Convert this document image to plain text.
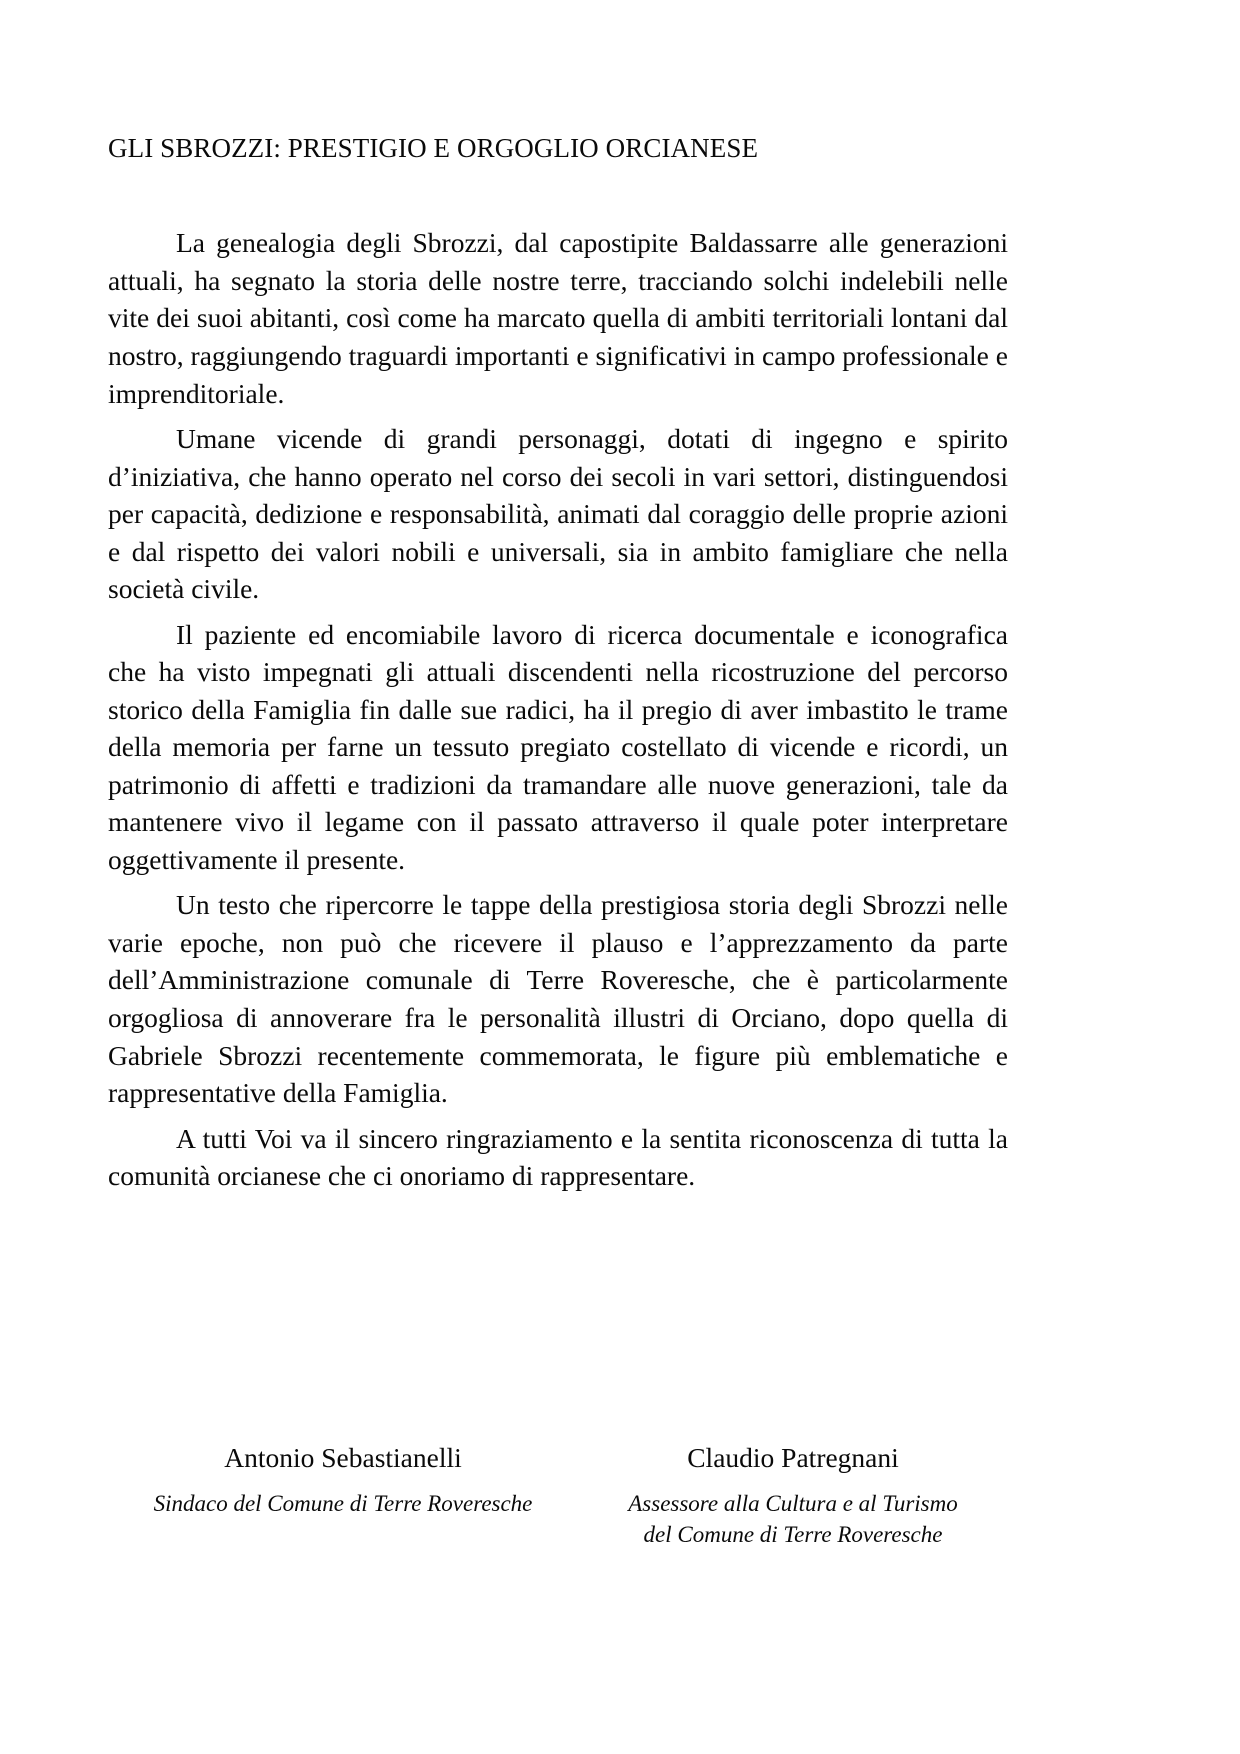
GLI SBROZZI: PRESTIGIO E ORGOGLIO ORCIANESE

La genealogia degli Sbrozzi, dal capostipite Baldassarre alle generazioni attuali, ha segnato la storia delle nostre terre, tracciando solchi indelebili nelle vite dei suoi abitanti, così come ha marcato quella di ambiti territoriali lontani dal nostro, raggiungendo traguardi importanti e significativi in campo professionale e imprenditoriale.

Umane vicende di grandi personaggi, dotati di ingegno e spirito d’iniziativa, che hanno operato nel corso dei secoli in vari settori, distinguendosi per capacità, dedizione e responsabilità, animati dal coraggio delle proprie azioni e dal rispetto dei valori nobili e universali, sia in ambito famigliare che nella società civile.

Il paziente ed encomiabile lavoro di ricerca documentale e iconografica che ha visto impegnati gli attuali discendenti nella ricostruzione del percorso storico della Famiglia fin dalle sue radici, ha il pregio di aver imbastito le trame della memoria per farne un tessuto pregiato costellato di vicende e ricordi, un patrimonio di affetti e tradizioni da tramandare alle nuove generazioni, tale da mantenere vivo il legame con il passato attraverso il quale poter interpretare oggettivamente il presente.

Un testo che ripercorre le tappe della prestigiosa storia degli Sbrozzi nelle varie epoche, non può che ricevere il plauso e l’apprezzamento da parte dell’Amministrazione comunale di Terre Roveresche, che è particolarmente orgogliosa di annoverare fra le personalità illustri di Orciano, dopo quella di Gabriele Sbrozzi recentemente commemorata, le figure più emblematiche e rappresentative della Famiglia.

A tutti Voi va il sincero ringraziamento e la sentita riconoscenza di tutta la comunità orcianese che ci onoriamo di rappresentare.

Antonio Sebastianelli
Sindaco del Comune di Terre Roveresche
Claudio Patregnani
Assessore alla Cultura e al Turismo
del Comune di Terre Roveresche
